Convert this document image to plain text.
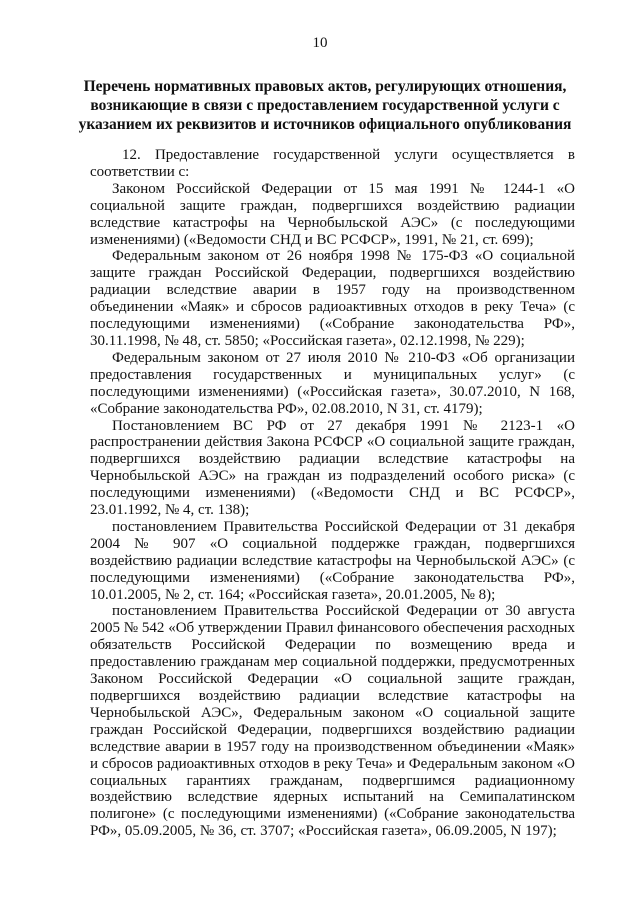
10
Перечень нормативных правовых актов, регулирующих отношения, возникающие в связи с предоставлением государственной услуги с указанием их реквизитов и источников официального опубликования

12. Предоставление государственной услуги осуществляется в соответствии с:

Законом Российской Федерации от 15 мая 1991 № 1244-1 «О социальной защите граждан, подвергшихся воздействию радиации вследствие катастрофы на Чернобыльской АЭС» (с последующими изменениями) («Ведомости СНД и ВС РСФСР», 1991, № 21, ст. 699);

Федеральным законом от 26 ноября 1998 № 175-ФЗ «О социальной защите граждан Российской Федерации, подвергшихся воздействию радиации вследствие аварии в 1957 году на производственном объединении «Маяк» и сбросов радиоактивных отходов в реку Теча» (с последующими изменениями) («Собрание законодательства РФ», 30.11.1998, № 48, ст. 5850; «Российская газета», 02.12.1998, № 229);

Федеральным законом от 27 июля 2010 № 210-ФЗ «Об организации предоставления государственных и муниципальных услуг» (с последующими изменениями) («Российская газета», 30.07.2010, N 168, «Собрание законодательства РФ», 02.08.2010, N 31, ст. 4179);

Постановлением ВС РФ от 27 декабря 1991 № 2123-1 «О распространении действия Закона РСФСР «О социальной защите граждан, подвергшихся воздействию радиации вследствие катастрофы на Чернобыльской АЭС» на граждан из подразделений особого риска» (с последующими изменениями) («Ведомости СНД и ВС РСФСР», 23.01.1992, № 4, ст. 138);

постановлением Правительства Российской Федерации от 31 декабря 2004 № 907 «О социальной поддержке граждан, подвергшихся воздействию радиации вследствие катастрофы на Чернобыльской АЭС» (с последующими изменениями) («Собрание законодательства РФ», 10.01.2005, № 2, ст. 164; «Российская газета», 20.01.2005, № 8);

постановлением Правительства Российской Федерации от 30 августа 2005 № 542 «Об утверждении Правил финансового обеспечения расходных обязательств Российской Федерации по возмещению вреда и предоставлению гражданам мер социальной поддержки, предусмотренных Законом Российской Федерации «О социальной защите граждан, подвергшихся воздействию радиации вследствие катастрофы на Чернобыльской АЭС», Федеральным законом «О социальной защите граждан Российской Федерации, подвергшихся воздействию радиации вследствие аварии в 1957 году на производственном объединении «Маяк» и сбросов радиоактивных отходов в реку Теча» и Федеральным законом «О социальных гарантиях гражданам, подвергшимся радиационному воздействию вследствие ядерных испытаний на Семипалатинском полигоне» (с последующими изменениями) («Собрание законодательства РФ», 05.09.2005, № 36, ст. 3707; «Российская газета», 06.09.2005, N 197);
